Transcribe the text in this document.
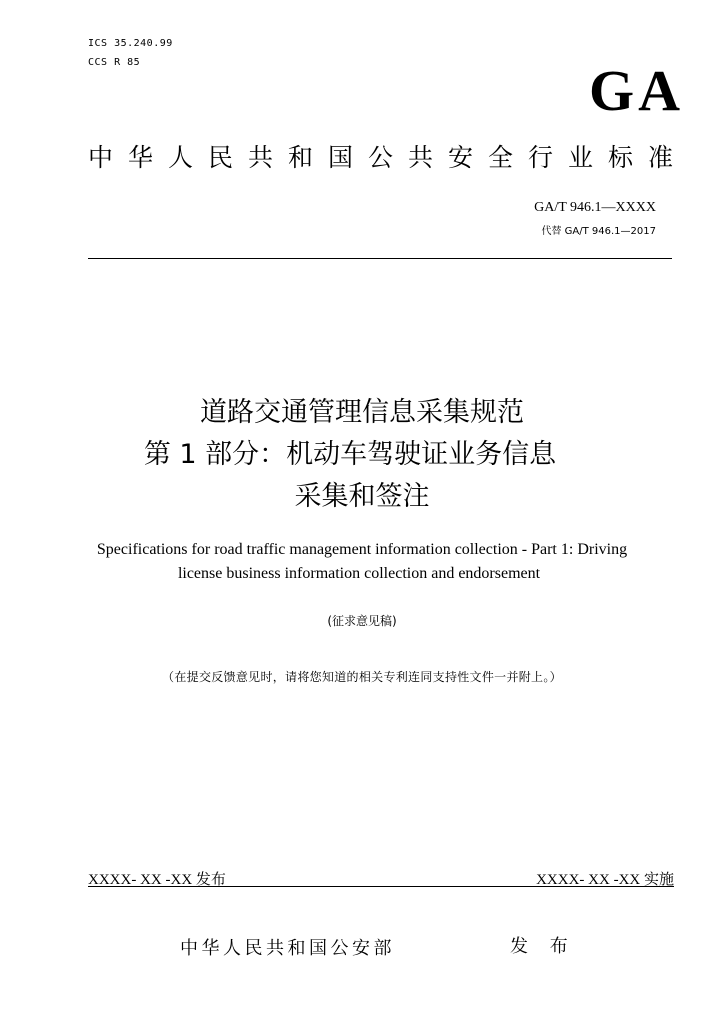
ICS 35.240.99
CCS R 85	GA
中华人民共和国公共安全行业标准
GA/T 946.1—XXXX
代替 GA/T 946.1—2017
道路交通管理信息采集规范
第 1 部分：机动车驾驶证业务信息
采集和签注
Specifications for road traffic management information collection - Part 1: Driving
license business information collection and endorsement
(征求意见稿)
（在提交反馈意见时，请将您知道的相关专利连同支持性文件一并附上。）
XXXX- XX -XX 发布	XXXX- XX -XX 实施
中华人民共和国公安部	发 布
